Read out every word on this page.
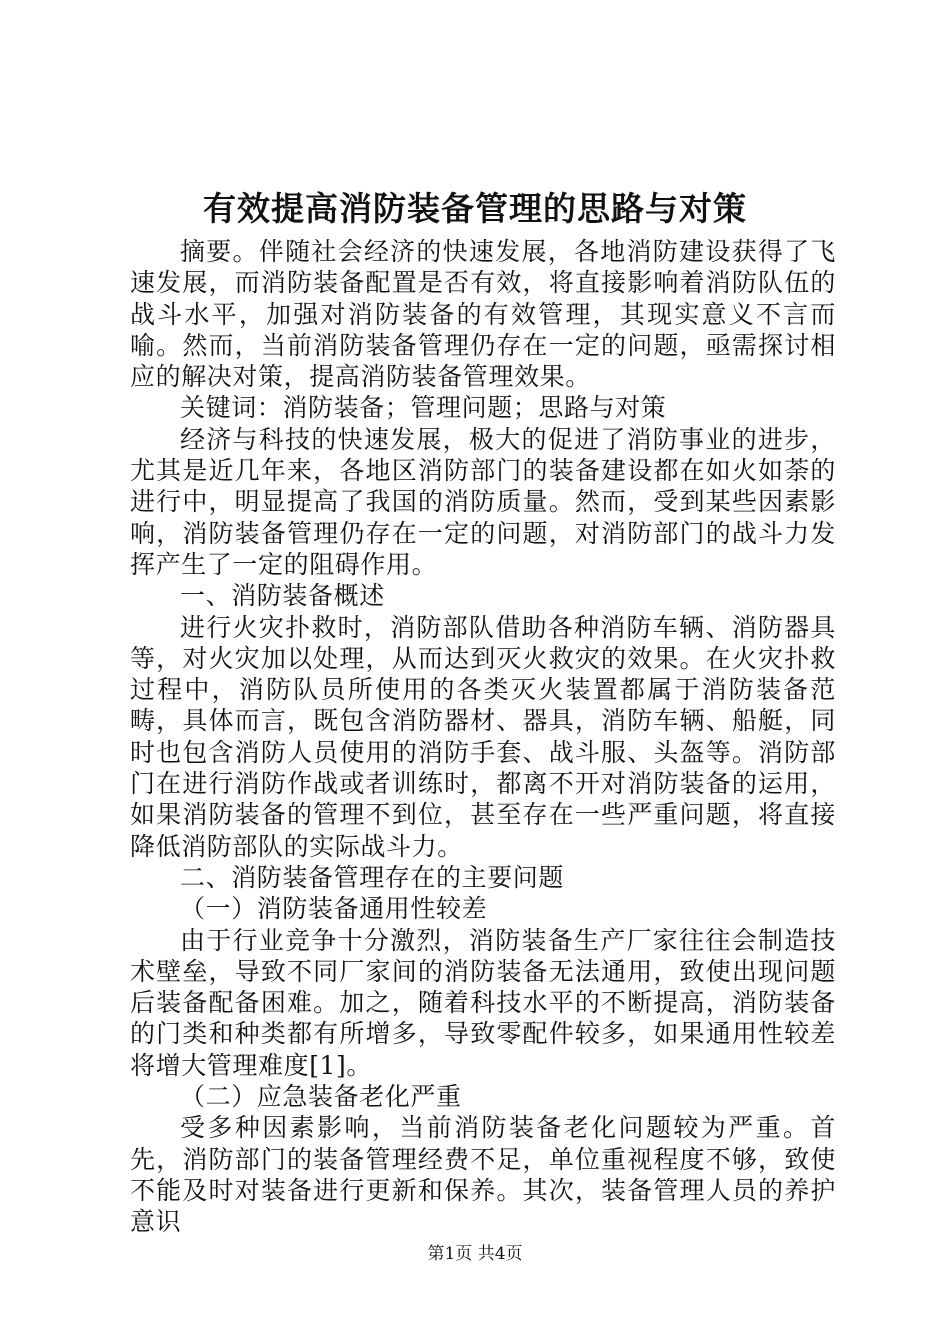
有效提高消防装备管理的思路与对策

摘要。伴随社会经济的快速发展，各地消防建设获得了飞速发展，而消防装备配置是否有效，将直接影响着消防队伍的战斗水平，加强对消防装备的有效管理，其现实意义不言而喻。然而，当前消防装备管理仍存在一定的问题，亟需探讨相应的解决对策，提高消防装备管理效果。

关键词：消防装备；管理问题；思路与对策

经济与科技的快速发展，极大的促进了消防事业的进步，尤其是近几年来，各地区消防部门的装备建设都在如火如荼的进行中，明显提高了我国的消防质量。然而，受到某些因素影响，消防装备管理仍存在一定的问题，对消防部门的战斗力发挥产生了一定的阻碍作用。

一、消防装备概述

进行火灾扑救时，消防部队借助各种消防车辆、消防器具等，对火灾加以处理，从而达到灭火救灾的效果。在火灾扑救过程中，消防队员所使用的各类灭火装置都属于消防装备范畴，具体而言，既包含消防器材、器具，消防车辆、船艇，同时也包含消防人员使用的消防手套、战斗服、头盔等。消防部门在进行消防作战或者训练时，都离不开对消防装备的运用，如果消防装备的管理不到位，甚至存在一些严重问题，将直接降低消防部队的实际战斗力。

二、消防装备管理存在的主要问题

（一）消防装备通用性较差

由于行业竞争十分激烈，消防装备生产厂家往往会制造技术壁垒，导致不同厂家间的消防装备无法通用，致使出现问题后装备配备困难。加之，随着科技水平的不断提高，消防装备的门类和种类都有所增多，导致零配件较多，如果通用性较差将增大管理难度[1]。

（二）应急装备老化严重

受多种因素影响，当前消防装备老化问题较为严重。首先，消防部门的装备管理经费不足，单位重视程度不够，致使不能及时对装备进行更新和保养。其次，装备管理人员的养护意识

第1页 共4页
